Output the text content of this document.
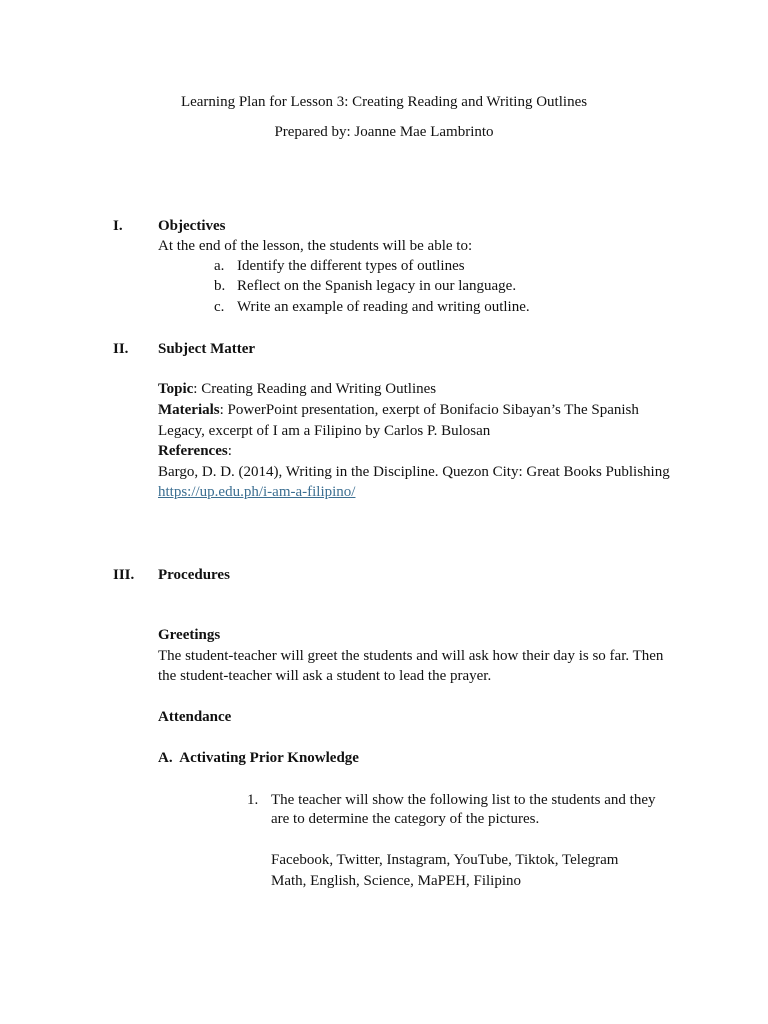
Learning Plan for Lesson 3: Creating Reading and Writing Outlines
Prepared by: Joanne Mae Lambrinto
I. Objectives
At the end of the lesson, the students will be able to:
a. Identify the different types of outlines
b. Reflect on the Spanish legacy in our language.
c. Write an example of reading and writing outline.
II. Subject Matter
Topic: Creating Reading and Writing Outlines
Materials: PowerPoint presentation, exerpt of Bonifacio Sibayan’s The Spanish
Legacy, excerpt of I am a Filipino by Carlos P. Bulosan
References:
Bargo, D. D. (2014), Writing in the Discipline. Quezon City: Great Books Publishing
https://up.edu.ph/i-am-a-filipino/
III. Procedures
Greetings
The student-teacher will greet the students and will ask how their day is so far. Then
the student-teacher will ask a student to lead the prayer.
Attendance
A.  Activating Prior Knowledge
1. The teacher will show the following list to the students and they
are to determine the category of the pictures.
Facebook, Twitter, Instagram, YouTube, Tiktok, Telegram
Math, English, Science, MaPEH, Filipino
